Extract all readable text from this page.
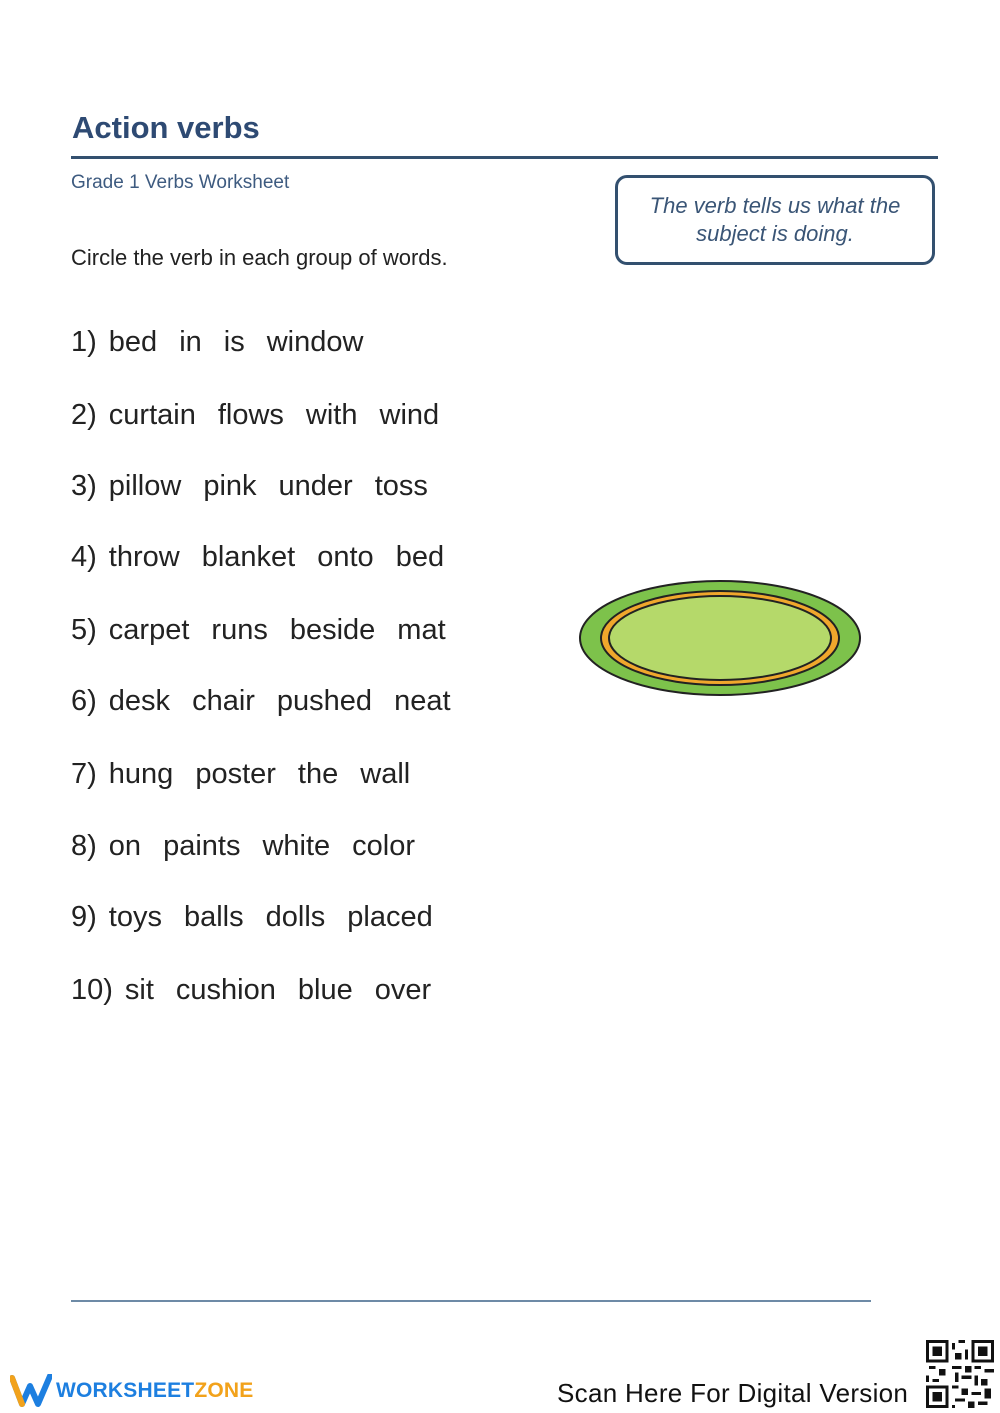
Action verbs
Grade 1 Verbs Worksheet
Circle the verb in each group of words.
The verb tells us what the subject is doing.
1) bed in is window
2) curtain flows with wind
3) pillow pink under toss
4) throw blanket onto bed
5) carpet runs beside mat
6) desk chair pushed neat
7) hung poster the wall
8) on paints white color
9) toys balls dolls placed
10) sit cushion blue over
WORKSHEETZONE	Scan Here For Digital Version
